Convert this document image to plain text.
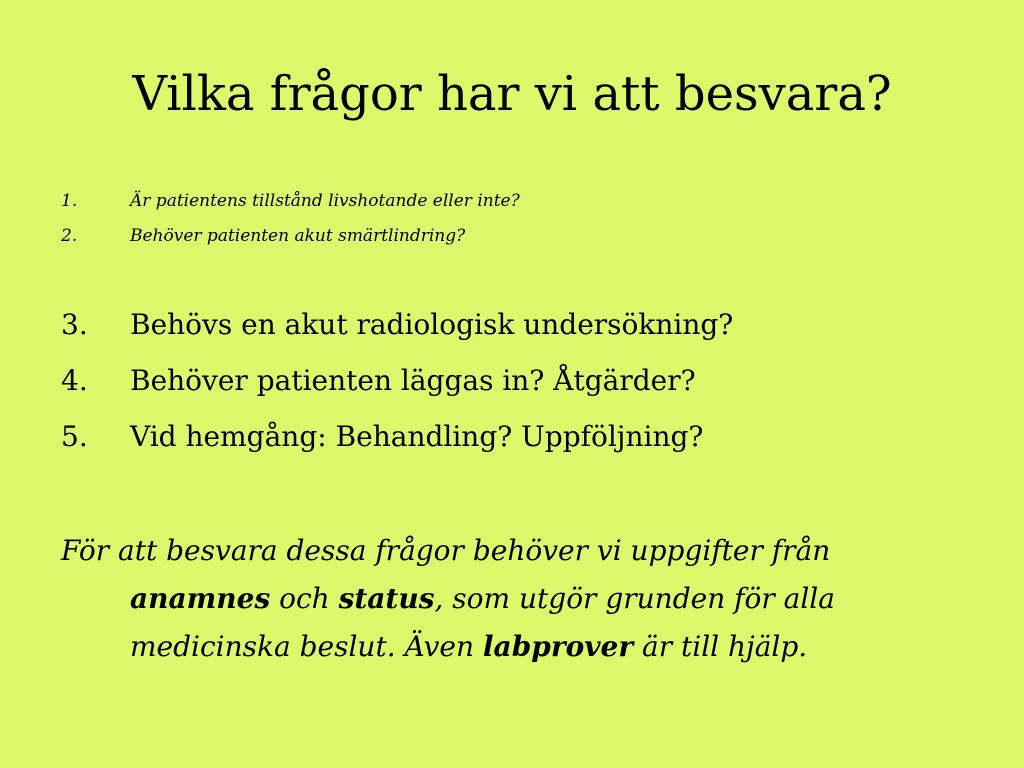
Vilka frågor har vi att besvara?
1.	Är patientens tillstånd livshotande eller inte?
2.	Behöver patienten akut smärtlindring?
3. Behövs en akut radiologisk undersökning?
4. Behöver patienten läggas in? Åtgärder?
5. Vid hemgång: Behandling? Uppföljning?
För att besvara dessa frågor behöver vi uppgifter från
anamnes och status, som utgör grunden för alla
medicinska beslut. Även labprover är till hjälp.
